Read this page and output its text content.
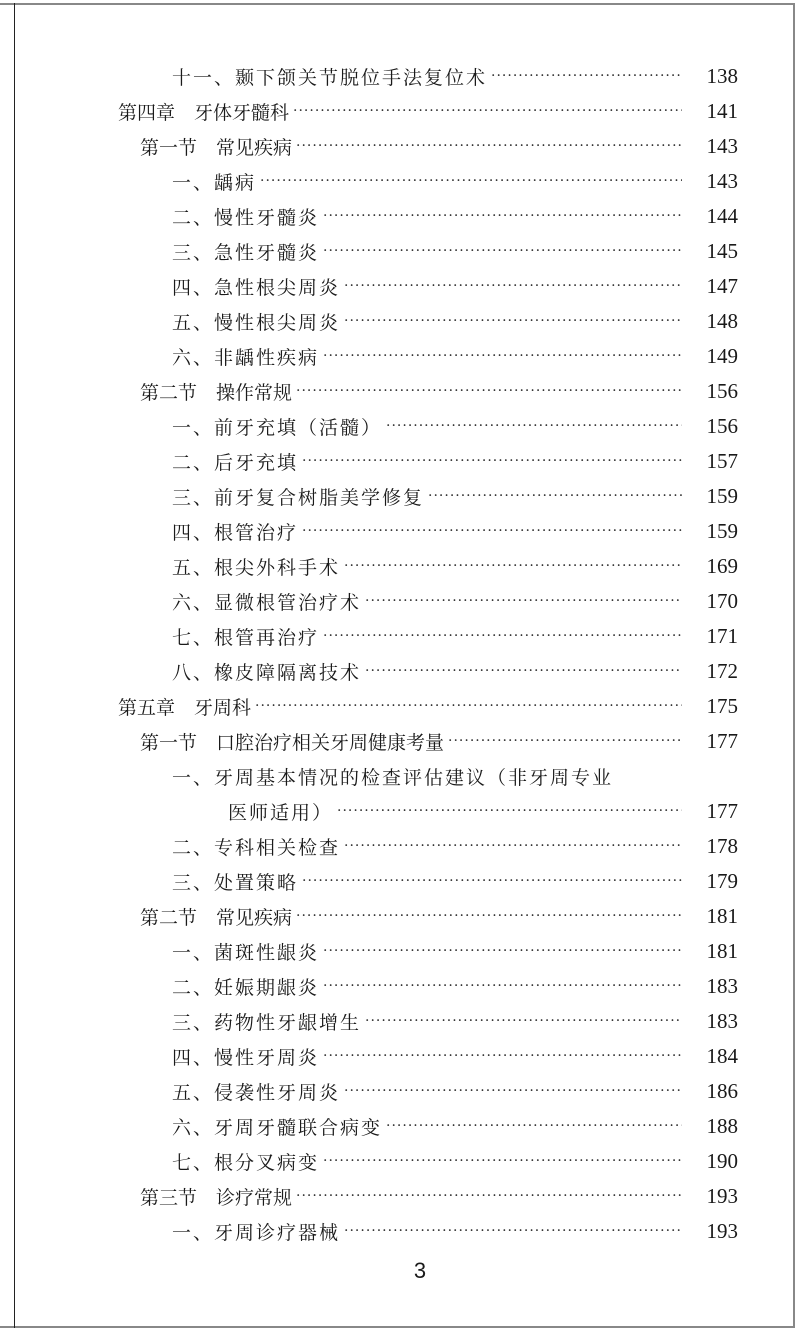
十一、颞下颌关节脱位手法复位术 ·····	138
第四章　牙体牙髓科 ·····	141
第一节　常见疾病 ·····	143
一、龋病 ·····	143
二、慢性牙髓炎 ·····	144
三、急性牙髓炎 ·····	145
四、急性根尖周炎 ·····	147
五、慢性根尖周炎 ·····	148
六、非龋性疾病 ·····	149
第二节　操作常规 ·····	156
一、前牙充填（活髓） ·····	156
二、后牙充填 ·····	157
三、前牙复合树脂美学修复 ·····	159
四、根管治疗 ·····	159
五、根尖外科手术 ·····	169
六、显微根管治疗术 ·····	170
七、根管再治疗 ·····	171
八、橡皮障隔离技术 ·····	172
第五章　牙周科 ·····	175
第一节　口腔治疗相关牙周健康考量 ·····	177
一、牙周基本情况的检查评估建议（非牙周专业
医师适用） ·····	177
二、专科相关检查 ·····	178
三、处置策略 ·····	179
第二节　常见疾病 ·····	181
一、菌斑性龈炎 ·····	181
二、妊娠期龈炎 ·····	183
三、药物性牙龈增生 ·····	183
四、慢性牙周炎 ·····	184
五、侵袭性牙周炎 ·····	186
六、牙周牙髓联合病变 ·····	188
七、根分叉病变 ·····	190
第三节　诊疗常规 ·····	193
一、牙周诊疗器械 ·····	193
3
